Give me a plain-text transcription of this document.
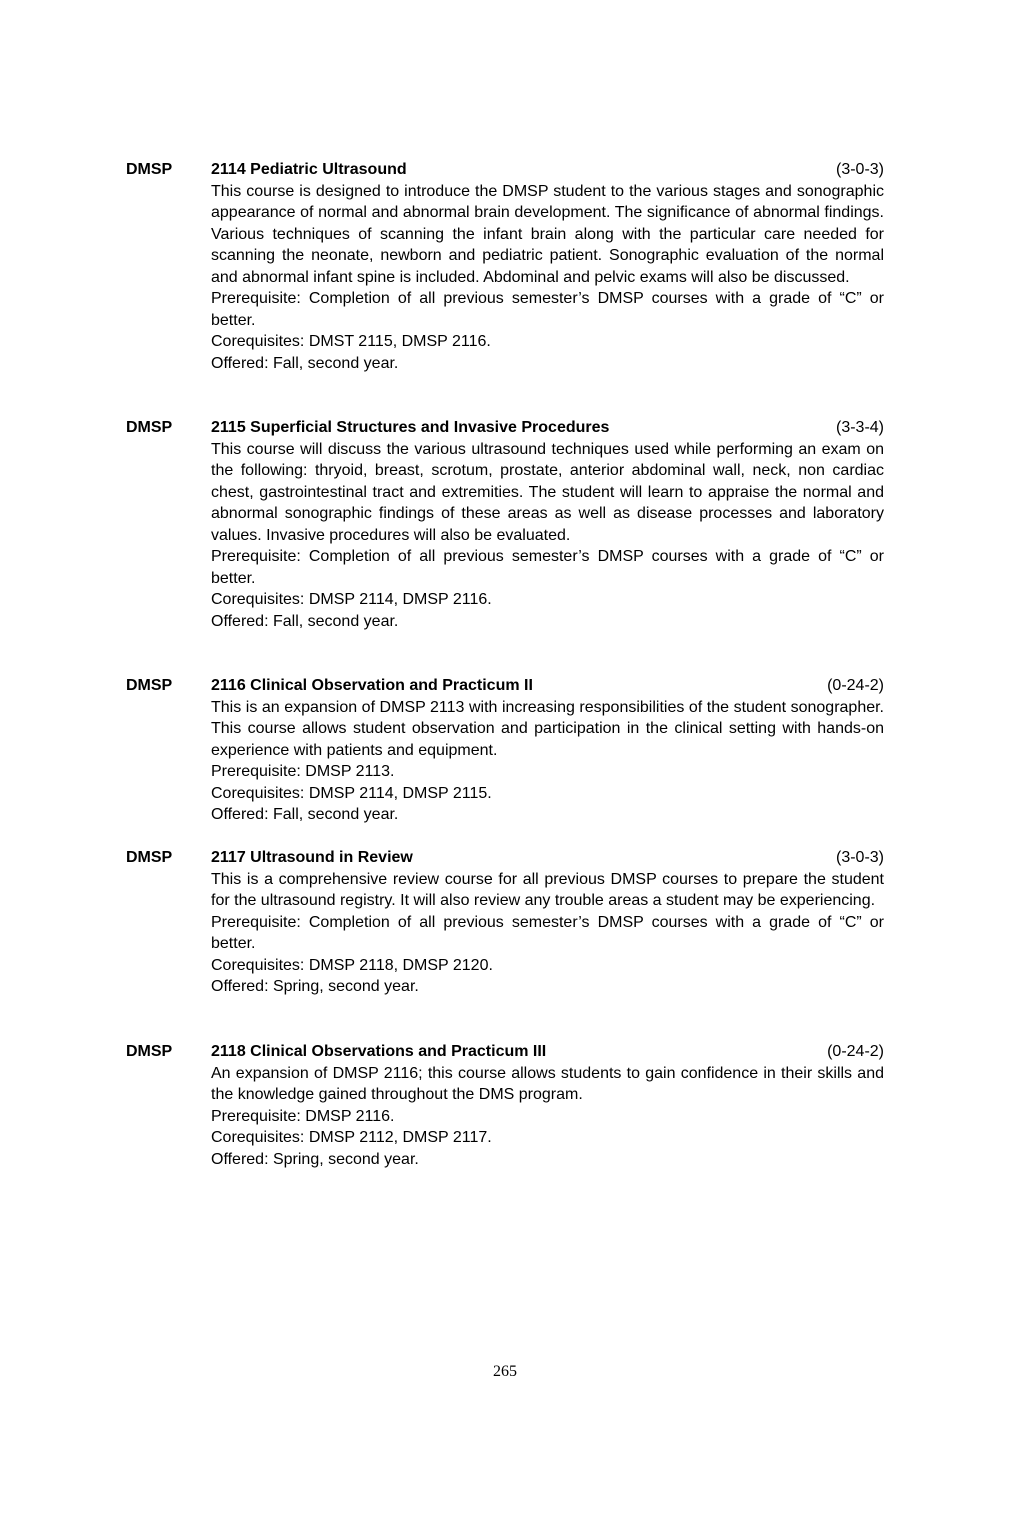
DMSP 2114 Pediatric Ultrasound	(3-0-3)
This course is designed to introduce the DMSP student to the various stages and sonographic appearance of normal and abnormal brain development. The significance of abnormal findings. Various techniques of scanning the infant brain along with the particular care needed for scanning the neonate, newborn and pediatric patient. Sonographic evaluation of the normal and abnormal infant spine is included. Abdominal and pelvic exams will also be discussed.
Prerequisite: Completion of all previous semester’s DMSP courses with a grade of “C” or better.
Corequisites: DMST 2115, DMSP 2116.
Offered: Fall, second year.
DMSP 2115 Superficial Structures and Invasive Procedures	(3-3-4)
This course will discuss the various ultrasound techniques used while performing an exam on the following: thryoid, breast, scrotum, prostate, anterior abdominal wall, neck, non cardiac chest, gastrointestinal tract and extremities. The student will learn to appraise the normal and abnormal sonographic findings of these areas as well as disease processes and laboratory values. Invasive procedures will also be evaluated.
Prerequisite: Completion of all previous semester’s DMSP courses with a grade of “C” or better.
Corequisites: DMSP 2114, DMSP 2116.
Offered: Fall, second year.
DMSP 2116 Clinical Observation and Practicum II	(0-24-2)
This is an expansion of DMSP 2113 with increasing responsibilities of the student sonographer. This course allows student observation and participation in the clinical setting with hands-on experience with patients and equipment.
Prerequisite: DMSP 2113.
Corequisites: DMSP 2114, DMSP 2115.
Offered: Fall, second year.
DMSP 2117 Ultrasound in Review	(3-0-3)
This is a comprehensive review course for all previous DMSP courses to prepare the student for the ultrasound registry. It will also review any trouble areas a student may be experiencing.
Prerequisite: Completion of all previous semester’s DMSP courses with a grade of “C” or better.
Corequisites: DMSP 2118, DMSP 2120.
Offered: Spring, second year.
DMSP 2118 Clinical Observations and Practicum III	(0-24-2)
An expansion of DMSP 2116; this course allows students to gain confidence in their skills and the knowledge gained throughout the DMS program.
Prerequisite: DMSP 2116.
Corequisites: DMSP 2112, DMSP 2117.
Offered: Spring, second year.
265
